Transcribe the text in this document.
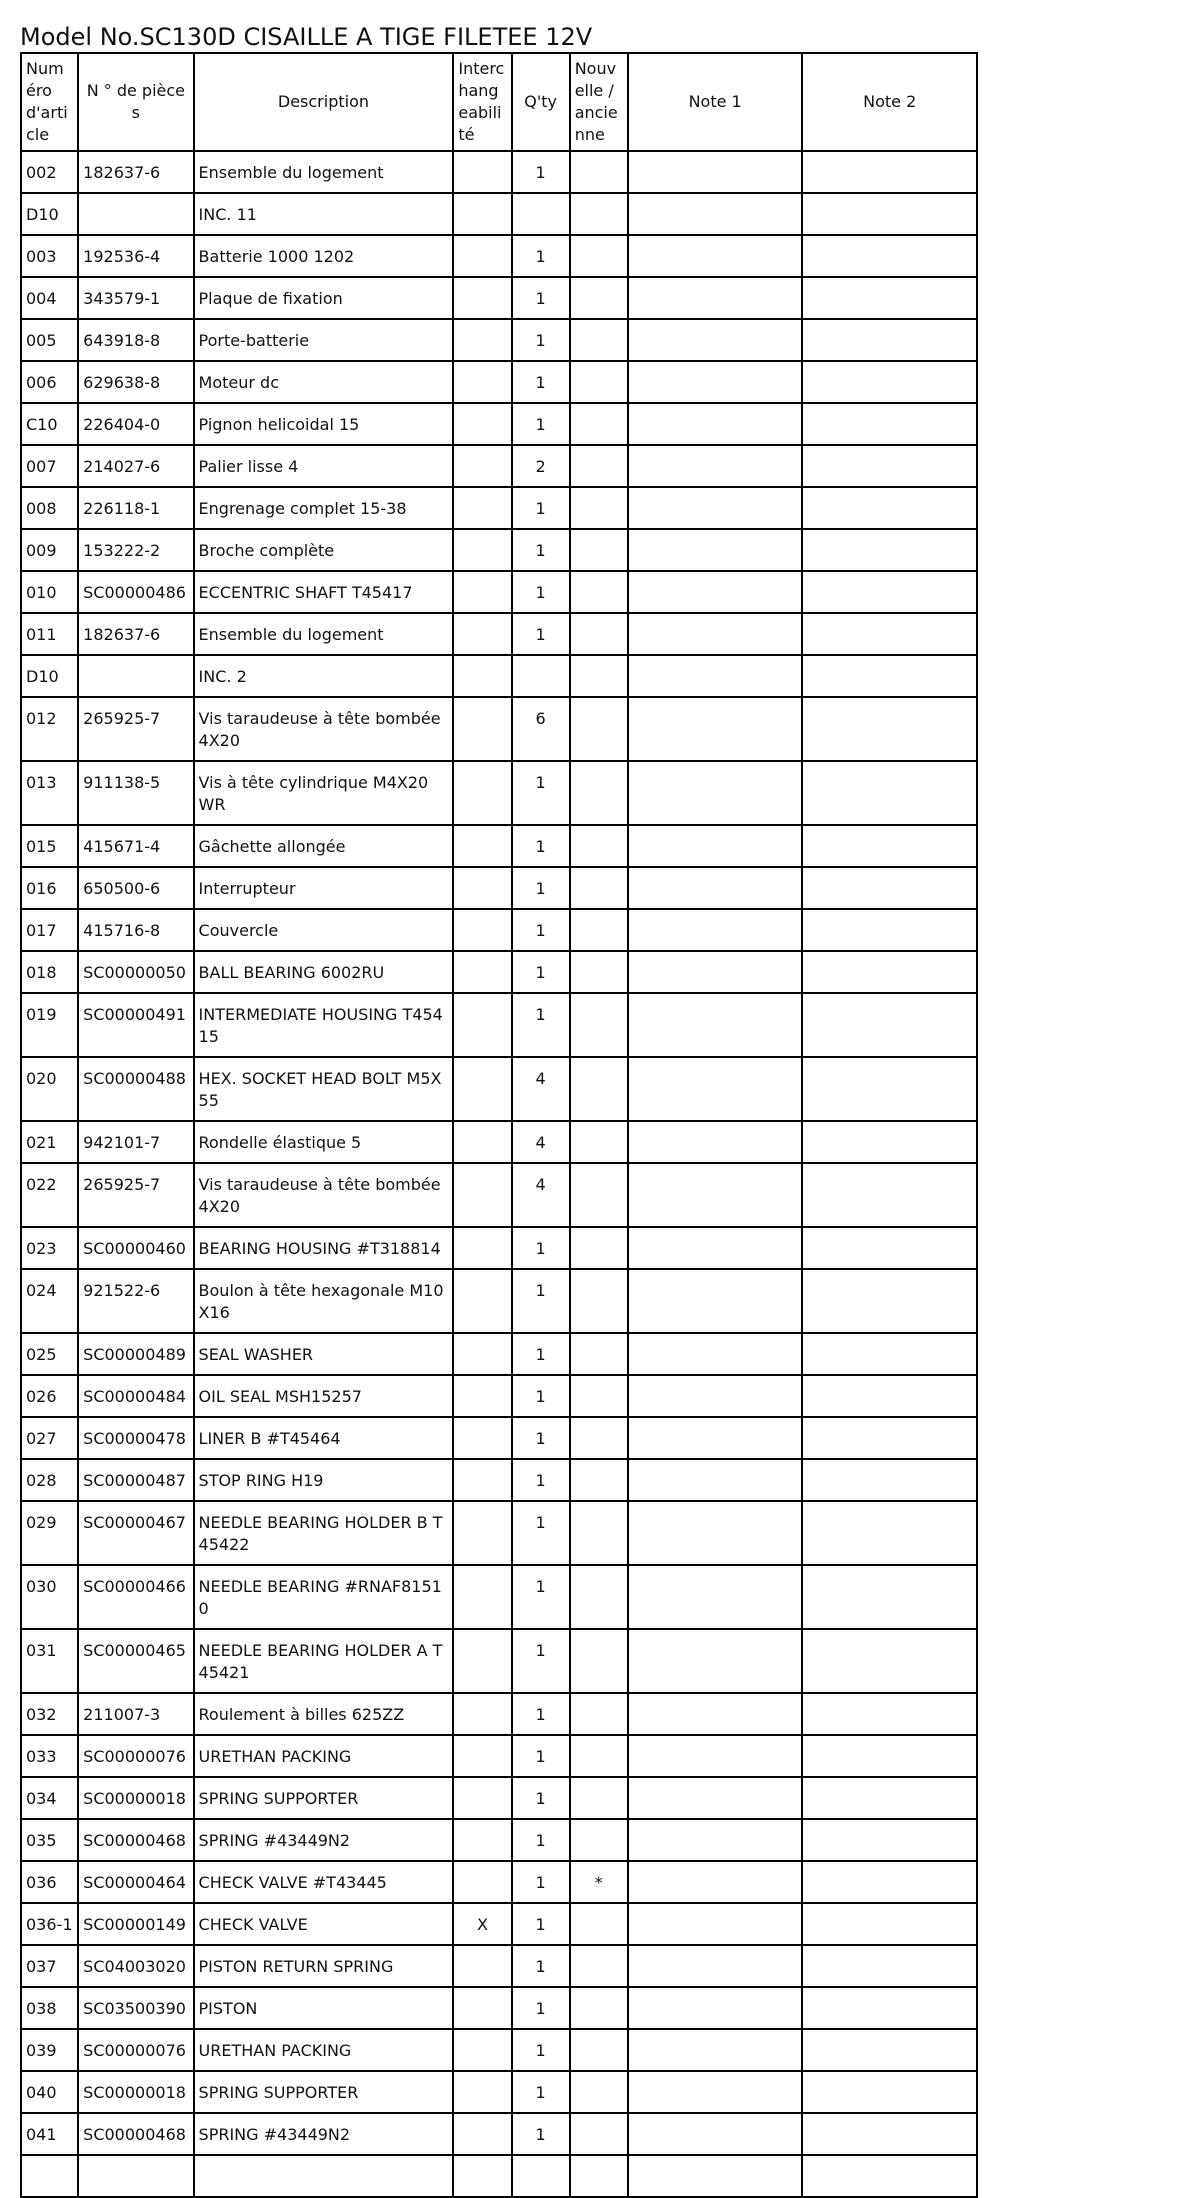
Model No.SC130D CISAILLE A TIGE FILETEE 12V
Numéro d'article	N ° de pièces	Description	Interchangeabilité	Q'ty	Nouvelle / ancienne	Note 1	Note 2
002	182637-6	Ensemble du logement		1			
D10		INC. 11					
003	192536-4	Batterie 1000 1202		1			
004	343579-1	Plaque de fixation		1			
005	643918-8	Porte-batterie		1			
006	629638-8	Moteur dc		1			
C10	226404-0	Pignon helicoidal 15		1			
007	214027-6	Palier lisse 4		2			
008	226118-1	Engrenage complet 15-38		1			
009	153222-2	Broche complète		1			
010	SC00000486	ECCENTRIC SHAFT T45417		1			
011	182637-6	Ensemble du logement		1			
D10		INC. 2					
012	265925-7	Vis taraudeuse à tête bombée 4X20		6			
013	911138-5	Vis à tête cylindrique M4X20 WR		1			
015	415671-4	Gâchette allongée		1			
016	650500-6	Interrupteur		1			
017	415716-8	Couvercle		1			
018	SC00000050	BALL BEARING 6002RU		1			
019	SC00000491	INTERMEDIATE HOUSING T45415		1			
020	SC00000488	HEX. SOCKET HEAD BOLT M5X55		4			
021	942101-7	Rondelle élastique 5		4			
022	265925-7	Vis taraudeuse à tête bombée 4X20		4			
023	SC00000460	BEARING HOUSING #T318814		1			
024	921522-6	Boulon à tête hexagonale M10X16		1			
025	SC00000489	SEAL WASHER		1			
026	SC00000484	OIL SEAL MSH15257		1			
027	SC00000478	LINER B #T45464		1			
028	SC00000487	STOP RING H19		1			
029	SC00000467	NEEDLE BEARING HOLDER B T45422		1			
030	SC00000466	NEEDLE BEARING #RNAF81510		1			
031	SC00000465	NEEDLE BEARING HOLDER A T45421		1			
032	211007-3	Roulement à billes 625ZZ		1			
033	SC00000076	URETHAN PACKING		1			
034	SC00000018	SPRING SUPPORTER		1			
035	SC00000468	SPRING #43449N2		1			
036	SC00000464	CHECK VALVE #T43445		1	*		
036-1	SC00000149	CHECK VALVE	X	1			
037	SC04003020	PISTON RETURN SPRING		1			
038	SC03500390	PISTON		1			
039	SC00000076	URETHAN PACKING		1			
040	SC00000018	SPRING SUPPORTER		1			
041	SC00000468	SPRING #43449N2		1			
